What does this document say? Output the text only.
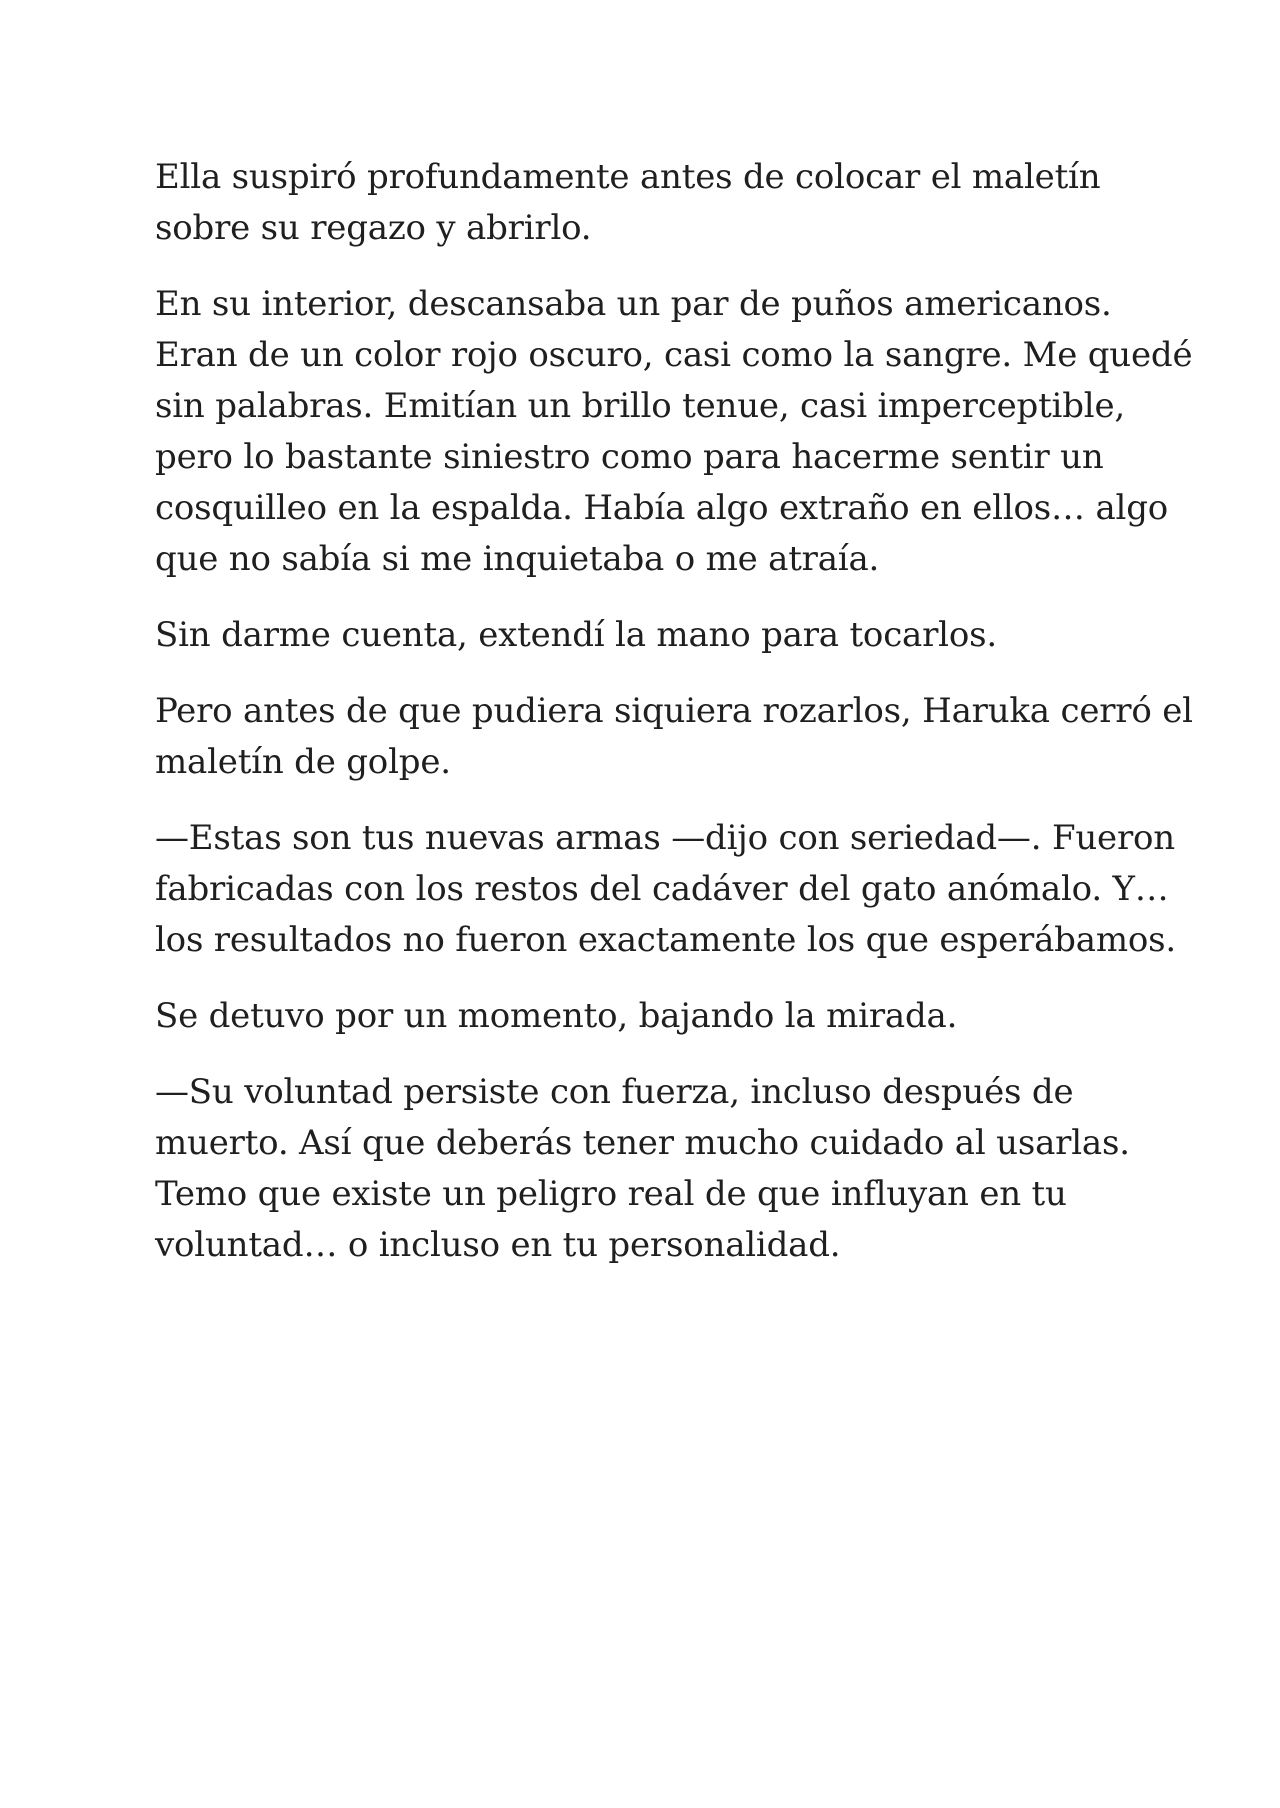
Ella suspiró profundamente antes de colocar el maletín
sobre su regazo y abrirlo.

En su interior, descansaba un par de puños americanos.
Eran de un color rojo oscuro, casi como la sangre. Me quedé
sin palabras. Emitían un brillo tenue, casi imperceptible,
pero lo bastante siniestro como para hacerme sentir un
cosquilleo en la espalda. Había algo extraño en ellos… algo
que no sabía si me inquietaba o me atraía.

Sin darme cuenta, extendí la mano para tocarlos.

Pero antes de que pudiera siquiera rozarlos, Haruka cerró el
maletín de golpe.

—Estas son tus nuevas armas —dijo con seriedad—. Fueron
fabricadas con los restos del cadáver del gato anómalo. Y…
los resultados no fueron exactamente los que esperábamos.

Se detuvo por un momento, bajando la mirada.

—Su voluntad persiste con fuerza, incluso después de
muerto. Así que deberás tener mucho cuidado al usarlas.
Temo que existe un peligro real de que influyan en tu
voluntad… o incluso en tu personalidad.
